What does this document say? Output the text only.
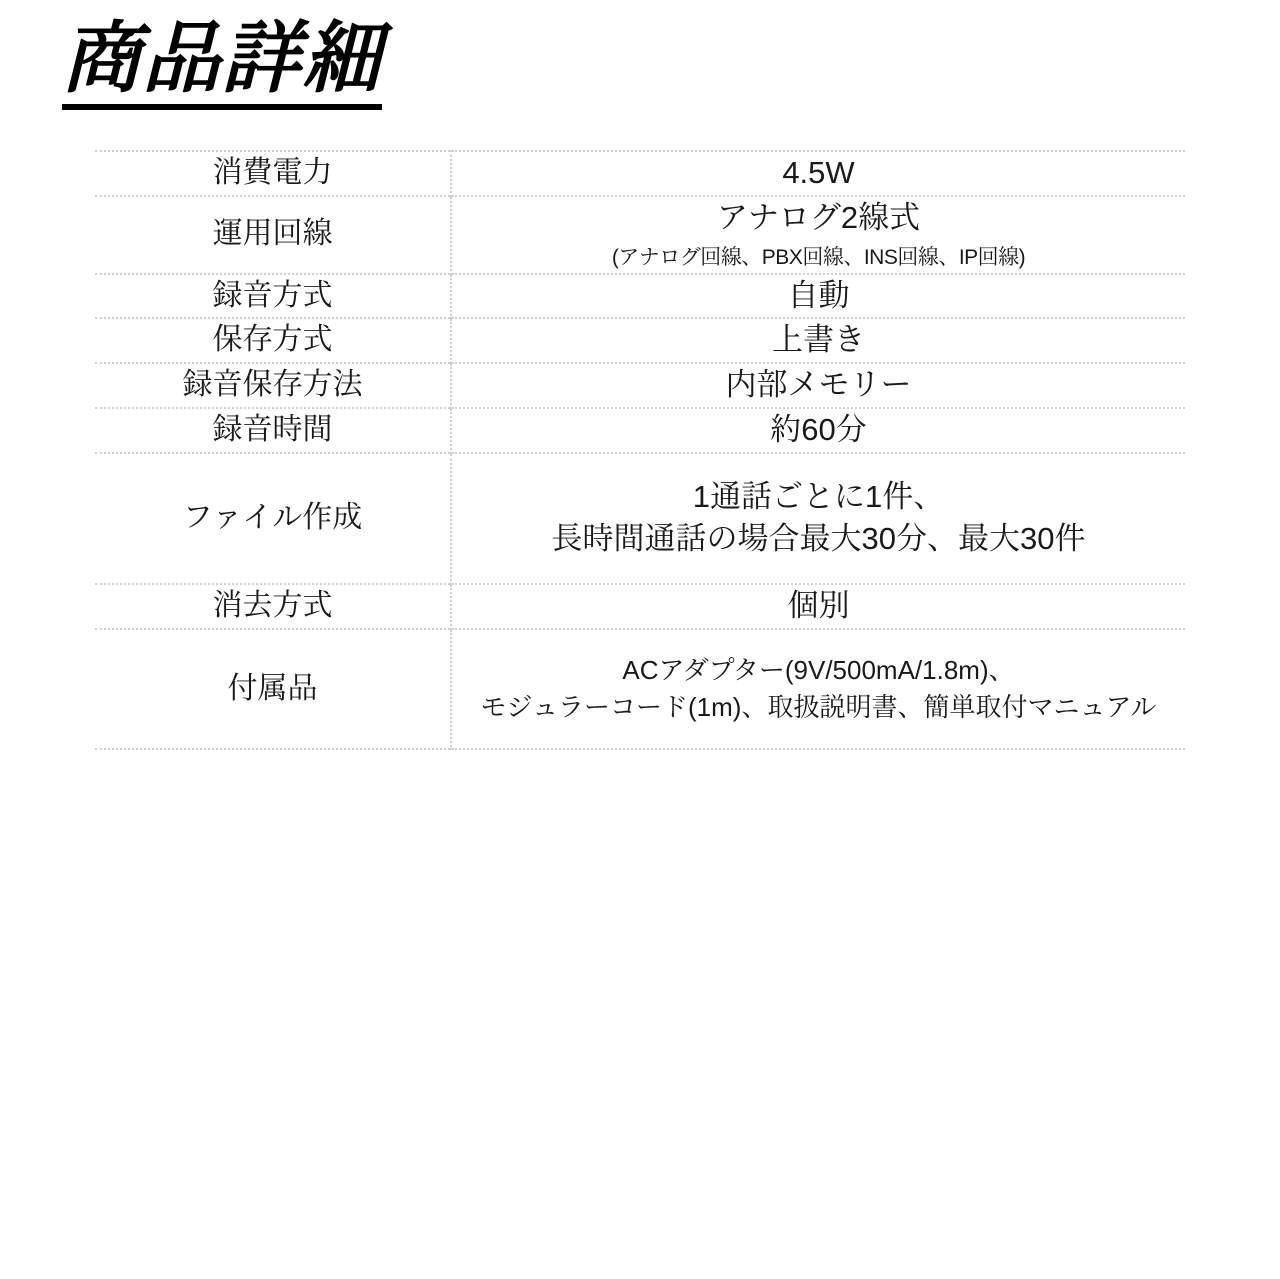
商品詳細
消費電力	4.5W

運用回線	アナログ2線式
(アナログ回線、PBX回線、INS回線、IP回線)

録音方式	自動

保存方式	上書き

録音保存方法	内部メモリー

録音時間	約60分

ファイル作成	1通話ごとに1件、
長時間通話の場合最大30分、最大30件

消去方式	個別

付属品	ACアダプター(9V/500mA/1.8m)、
モジュラーコード(1m)、取扱説明書、簡単取付マニュアル
